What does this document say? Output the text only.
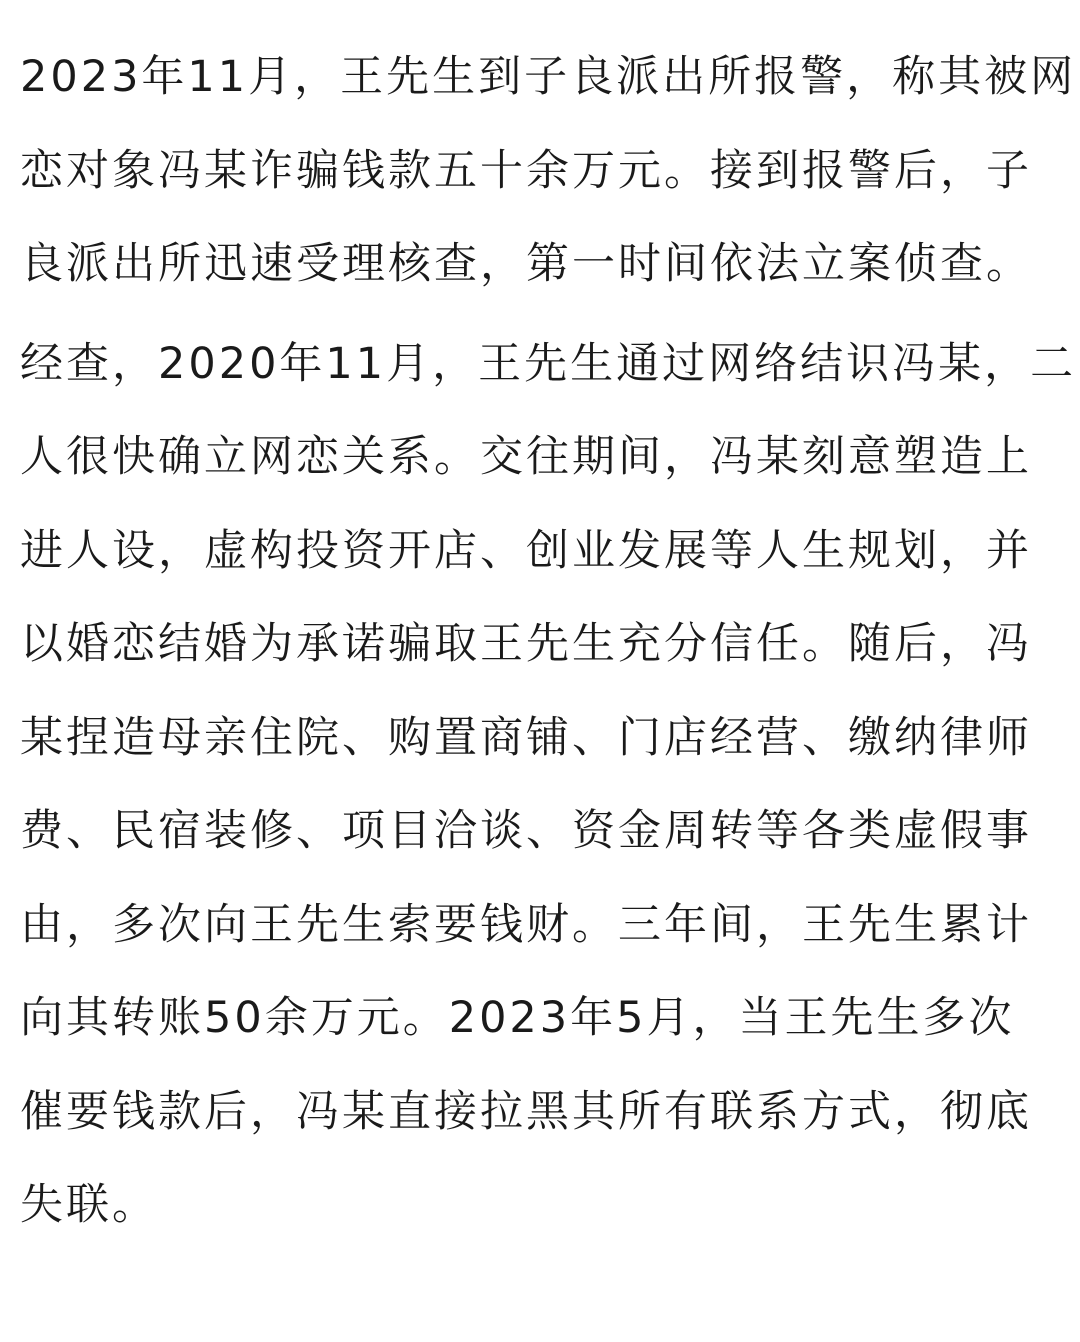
2023年11月，王先生到子良派出所报警，称其被网
恋对象冯某诈骗钱款五十余万元。接到报警后，子
良派出所迅速受理核查，第一时间依法立案侦查。
经查，2020年11月，王先生通过网络结识冯某，二
人很快确立网恋关系。交往期间，冯某刻意塑造上
进人设，虚构投资开店、创业发展等人生规划，并
以婚恋结婚为承诺骗取王先生充分信任。随后，冯
某捏造母亲住院、购置商铺、门店经营、缴纳律师
费、民宿装修、项目洽谈、资金周转等各类虚假事
由，多次向王先生索要钱财。三年间，王先生累计
向其转账50余万元。2023年5月，当王先生多次
催要钱款后，冯某直接拉黑其所有联系方式，彻底
失联。
